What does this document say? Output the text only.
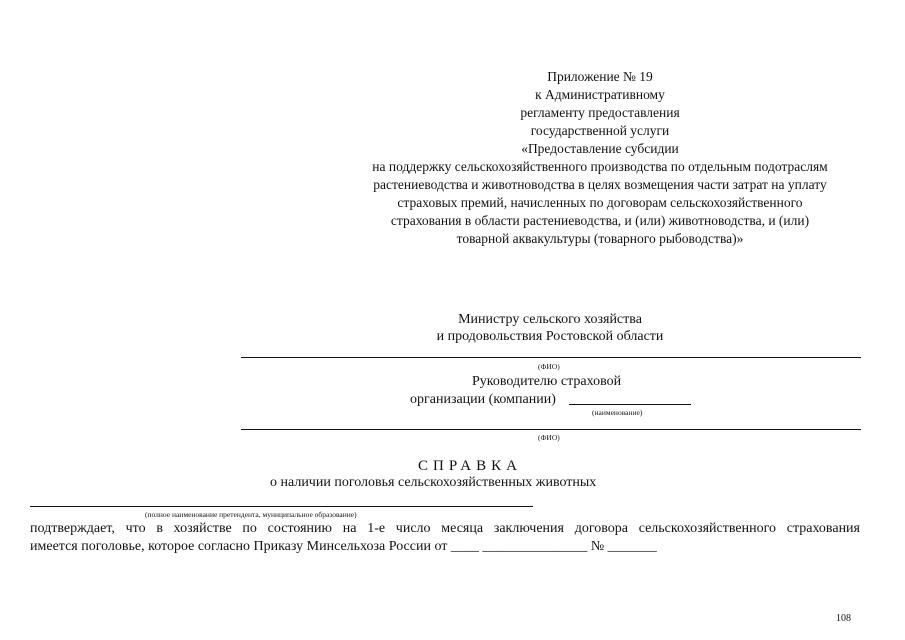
Приложение № 19
к Административному
регламенту предоставления
государственной услуги
«Предоставление субсидии
на поддержку сельскохозяйственного производства по отдельным подотраслям
растениеводства и животноводства в целях возмещения части затрат на уплату
страховых премий, начисленных по договорам сельскохозяйственного
страхования в области растениеводства, и (или) животноводства, и (или)
товарной аквакультуры (товарного рыбоводства)»
Министру сельского хозяйства
и продовольствия Ростовской области
(ФИО)
Руководителю страховой
организации (компании)
(наименование)
(ФИО)
СПРАВКА
о наличии поголовья сельскохозяйственных животных
(полное наименование претендента, муниципальное образование)
подтверждает, что в хозяйстве по состоянию на 1-е число месяца заключения договора сельскохозяйственного страхования
имеется поголовье, которое согласно Приказу Минсельхоза России от ____ _______________ № _______
108
